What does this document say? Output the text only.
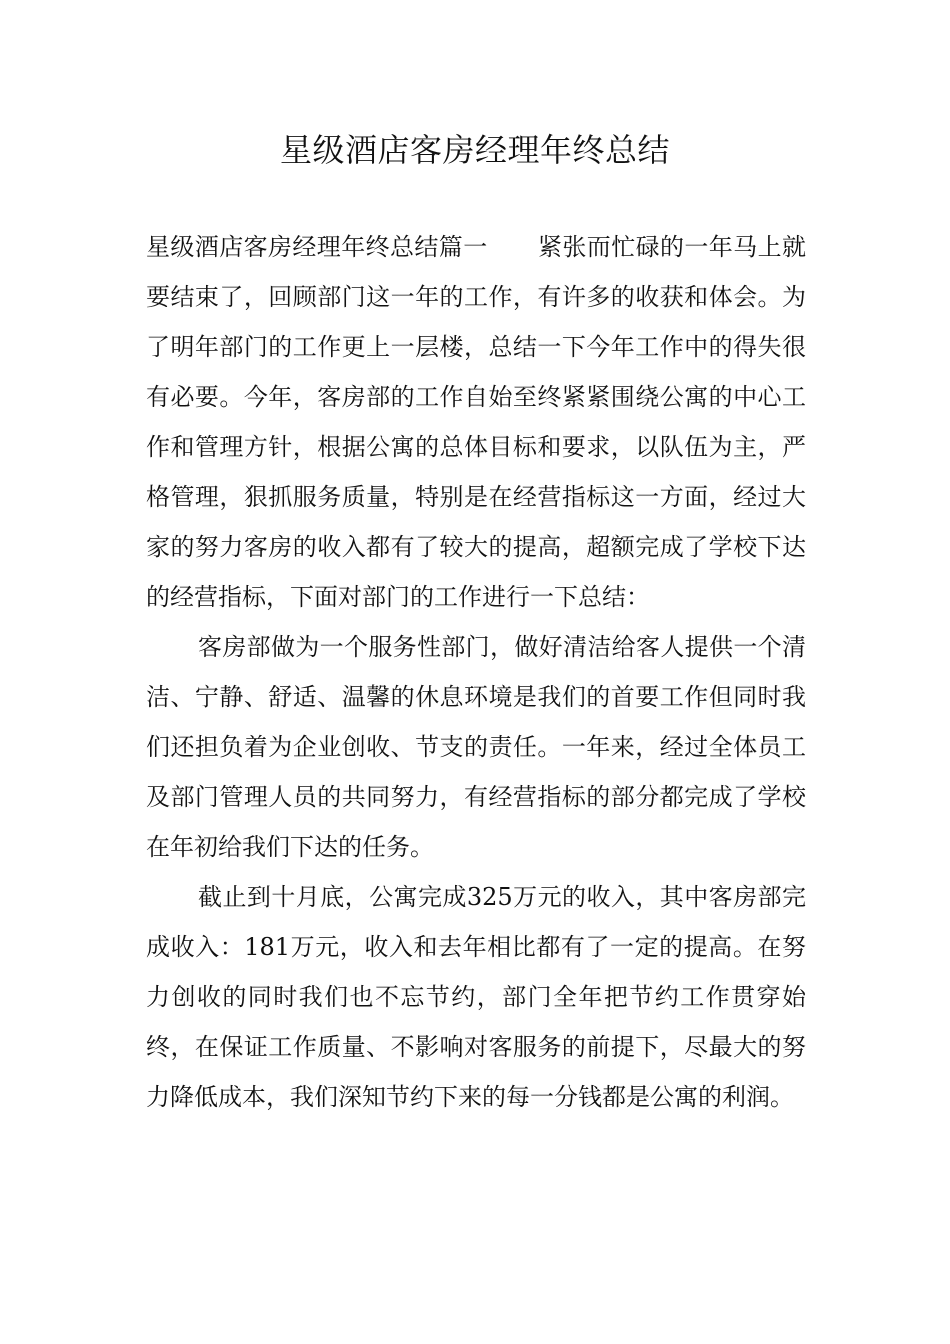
星级酒店客房经理年终总结

星级酒店客房经理年终总结篇一 紧张而忙碌的一年马上就要结束了，回顾部门这一年的工作，有许多的收获和体会。为了明年部门的工作更上一层楼，总结一下今年工作中的得失很有必要。今年，客房部的工作自始至终紧紧围绕公寓的中心工作和管理方针，根据公寓的总体目标和要求，以队伍为主，严格管理，狠抓服务质量，特别是在经营指标这一方面，经过大家的努力客房的收入都有了较大的提高，超额完成了学校下达的经营指标，下面对部门的工作进行一下总结：

客房部做为一个服务性部门，做好清洁给客人提供一个清洁、宁静、舒适、温馨的休息环境是我们的首要工作但同时我们还担负着为企业创收、节支的责任。一年来，经过全体员工及部门管理人员的共同努力，有经营指标的部分都完成了学校在年初给我们下达的任务。

截止到十月底，公寓完成325万元的收入，其中客房部完成收入：181万元，收入和去年相比都有了一定的提高。在努力创收的同时我们也不忘节约，部门全年把节约工作贯穿始终，在保证工作质量、不影响对客服务的前提下，尽最大的努力降低成本，我们深知节约下来的每一分钱都是公寓的利润。
